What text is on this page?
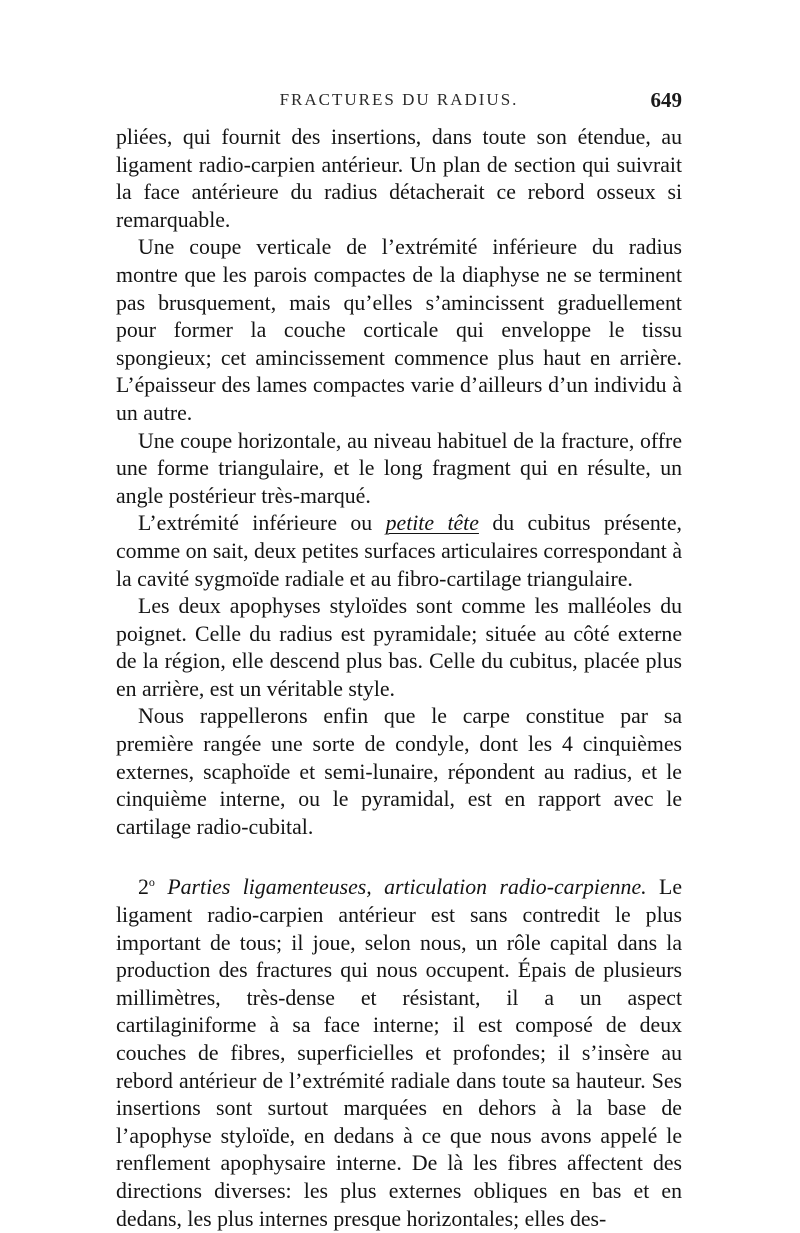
FRACTURES DU RADIUS.	649

pliées, qui fournit des insertions, dans toute son étendue, au ligament radio-carpien antérieur. Un plan de section qui suivrait la face antérieure du radius détacherait ce rebord osseux si remarquable.

Une coupe verticale de l’extrémité inférieure du radius montre que les parois compactes de la diaphyse ne se terminent pas brusquement, mais qu’elles s’amincissent graduellement pour former la couche corticale qui enveloppe le tissu spongieux; cet amincissement commence plus haut en arrière. L’épaisseur des lames compactes varie d’ailleurs d’un individu à un autre.

Une coupe horizontale, au niveau habituel de la fracture, offre une forme triangulaire, et le long fragment qui en résulte, un angle postérieur très-marqué.

L’extrémité inférieure ou petite tête du cubitus présente, comme on sait, deux petites surfaces articulaires correspondant à la cavité sygmoïde radiale et au fibro-cartilage triangulaire.

Les deux apophyses styloïdes sont comme les malléoles du poignet. Celle du radius est pyramidale; située au côté externe de la région, elle descend plus bas. Celle du cubitus, placée plus en arrière, est un véritable style.

Nous rappellerons enfin que le carpe constitue par sa première rangée une sorte de condyle, dont les 4 cinquièmes externes, scaphoïde et semi-lunaire, répondent au radius, et le cinquième interne, ou le pyramidal, est en rapport avec le cartilage radio-cubital.

2$^o$ Parties ligamenteuses, articulation radio-carpienne. Le ligament radio-carpien antérieur est sans contredit le plus important de tous; il joue, selon nous, un rôle capital dans la production des fractures qui nous occupent. Épais de plusieurs millimètres, très-dense et résistant, il a un aspect cartilaginiforme à sa face interne; il est composé de deux couches de fibres, superficielles et profondes; il s’insère au rebord antérieur de l’extrémité radiale dans toute sa hauteur. Ses insertions sont surtout marquées en dehors à la base de l’apophyse styloïde, en dedans à ce que nous avons appelé le renflement apophysaire interne. De là les fibres affectent des directions diverses: les plus externes obliques en bas et en dedans, les plus internes presque horizontales; elles des-
